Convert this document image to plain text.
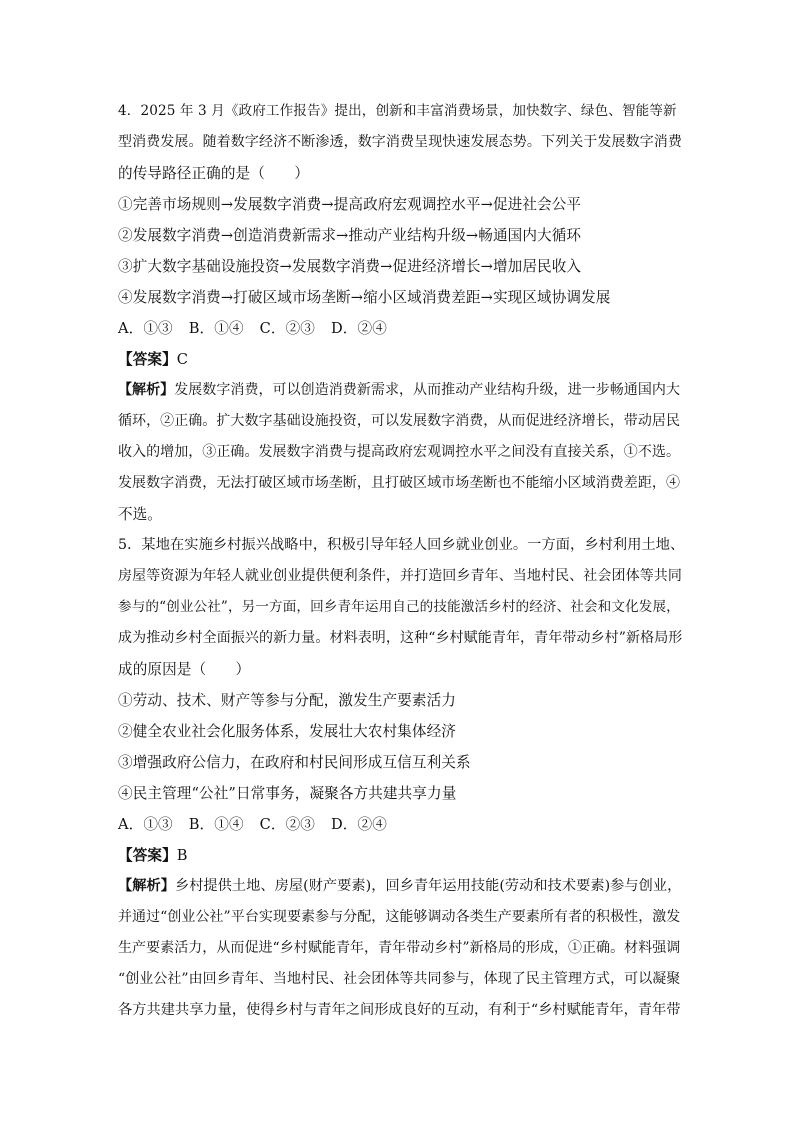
4．2025 年 3 月《政府工作报告》提出，创新和丰富消费场景，加快数字、绿色、智能等新
型消费发展。随着数字经济不断渗透，数字消费呈现快速发展态势。下列关于发展数字消费
的传导路径正确的是（　　）
①完善市场规则→发展数字消费→提高政府宏观调控水平→促进社会公平
②发展数字消费→创造消费新需求→推动产业结构升级→畅通国内大循环
③扩大数字基础设施投资→发展数字消费→促进经济增长→增加居民收入
④发展数字消费→打破区域市场垄断→缩小区域消费差距→实现区域协调发展
A．①③ B．①④ C．②③ D．②④
【答案】C
【解析】发展数字消费，可以创造消费新需求，从而推动产业结构升级，进一步畅通国内大
循环，②正确。扩大数字基础设施投资，可以发展数字消费，从而促进经济增长，带动居民
收入的增加，③正确。发展数字消费与提高政府宏观调控水平之间没有直接关系，①不选。
发展数字消费，无法打破区域市场垄断，且打破区域市场垄断也不能缩小区域消费差距，④
不选。
5．某地在实施乡村振兴战略中，积极引导年轻人回乡就业创业。一方面，乡村利用土地、
房屋等资源为年轻人就业创业提供便利条件，并打造回乡青年、当地村民、社会团体等共同
参与的“创业公社”，另一方面，回乡青年运用自己的技能激活乡村的经济、社会和文化发展，
成为推动乡村全面振兴的新力量。材料表明，这种“乡村赋能青年，青年带动乡村”新格局形
成的原因是（　　）
①劳动、技术、财产等参与分配，激发生产要素活力
②健全农业社会化服务体系，发展壮大农村集体经济
③增强政府公信力，在政府和村民间形成互信互利关系
④民主管理“公社”日常事务，凝聚各方共建共享力量
A．①③ B．①④ C．②③ D．②④
【答案】B
【解析】乡村提供土地、房屋(财产要素)，回乡青年运用技能(劳动和技术要素)参与创业，
并通过“创业公社”平台实现要素参与分配，这能够调动各类生产要素所有者的积极性，激发
生产要素活力，从而促进“乡村赋能青年，青年带动乡村”新格局的形成，①正确。材料强调
“创业公社”由回乡青年、当地村民、社会团体等共同参与，体现了民主管理方式，可以凝聚
各方共建共享力量，使得乡村与青年之间形成良好的互动，有利于“乡村赋能青年，青年带
